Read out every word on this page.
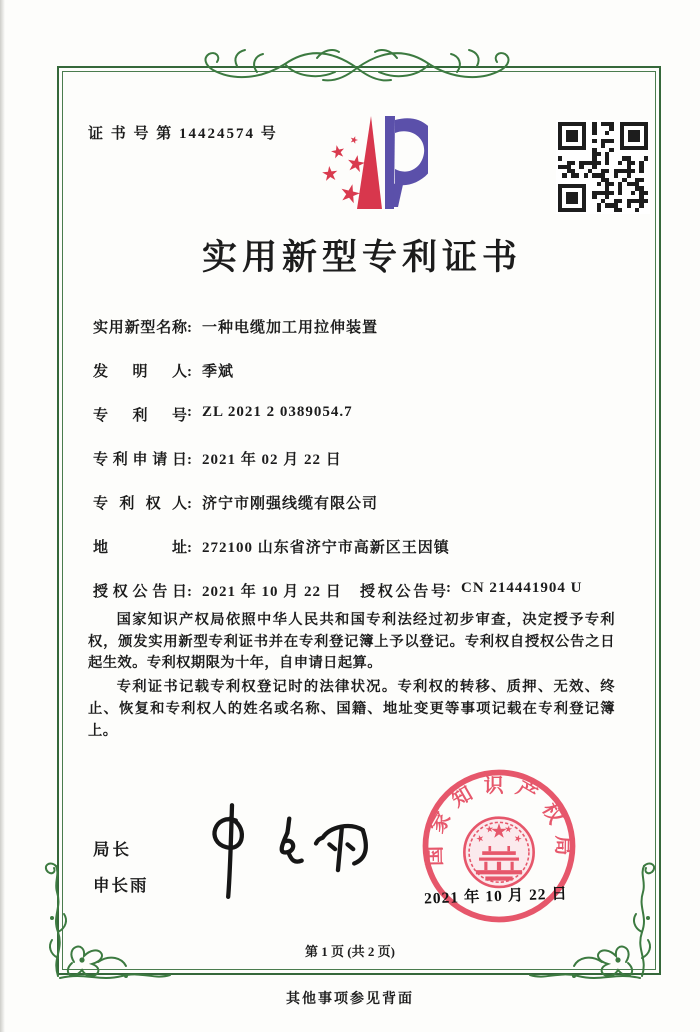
证 书 号 第 14424574 号
实用新型专利证书
实用新型名称: 一种电缆加工用拉伸装置
发明人: 季斌
专利号: ZL 2021 2 0389054.7
专利申请日: 2021 年 02 月 22 日
专利权人: 济宁市刚强线缆有限公司
地址: 272100 山东省济宁市高新区王因镇
授权公告日: 2021 年 10 月 22 日 授权公告号: CN 214441904 U

国家知识产权局依照中华人民共和国专利法经过初步审查，决定授予专利权，颁发实用新型专利证书并在专利登记簿上予以登记。专利权自授权公告之日起生效。专利权期限为十年，自申请日起算。

专利证书记载专利权登记时的法律状况。专利权的转移、质押、无效、终止、恢复和专利权人的姓名或名称、国籍、地址变更等事项记载在专利登记簿上。

局长
申长雨
国家知识产权局
2021 年 10 月 22 日
第 1 页 (共 2 页)
其他事项参见背面
